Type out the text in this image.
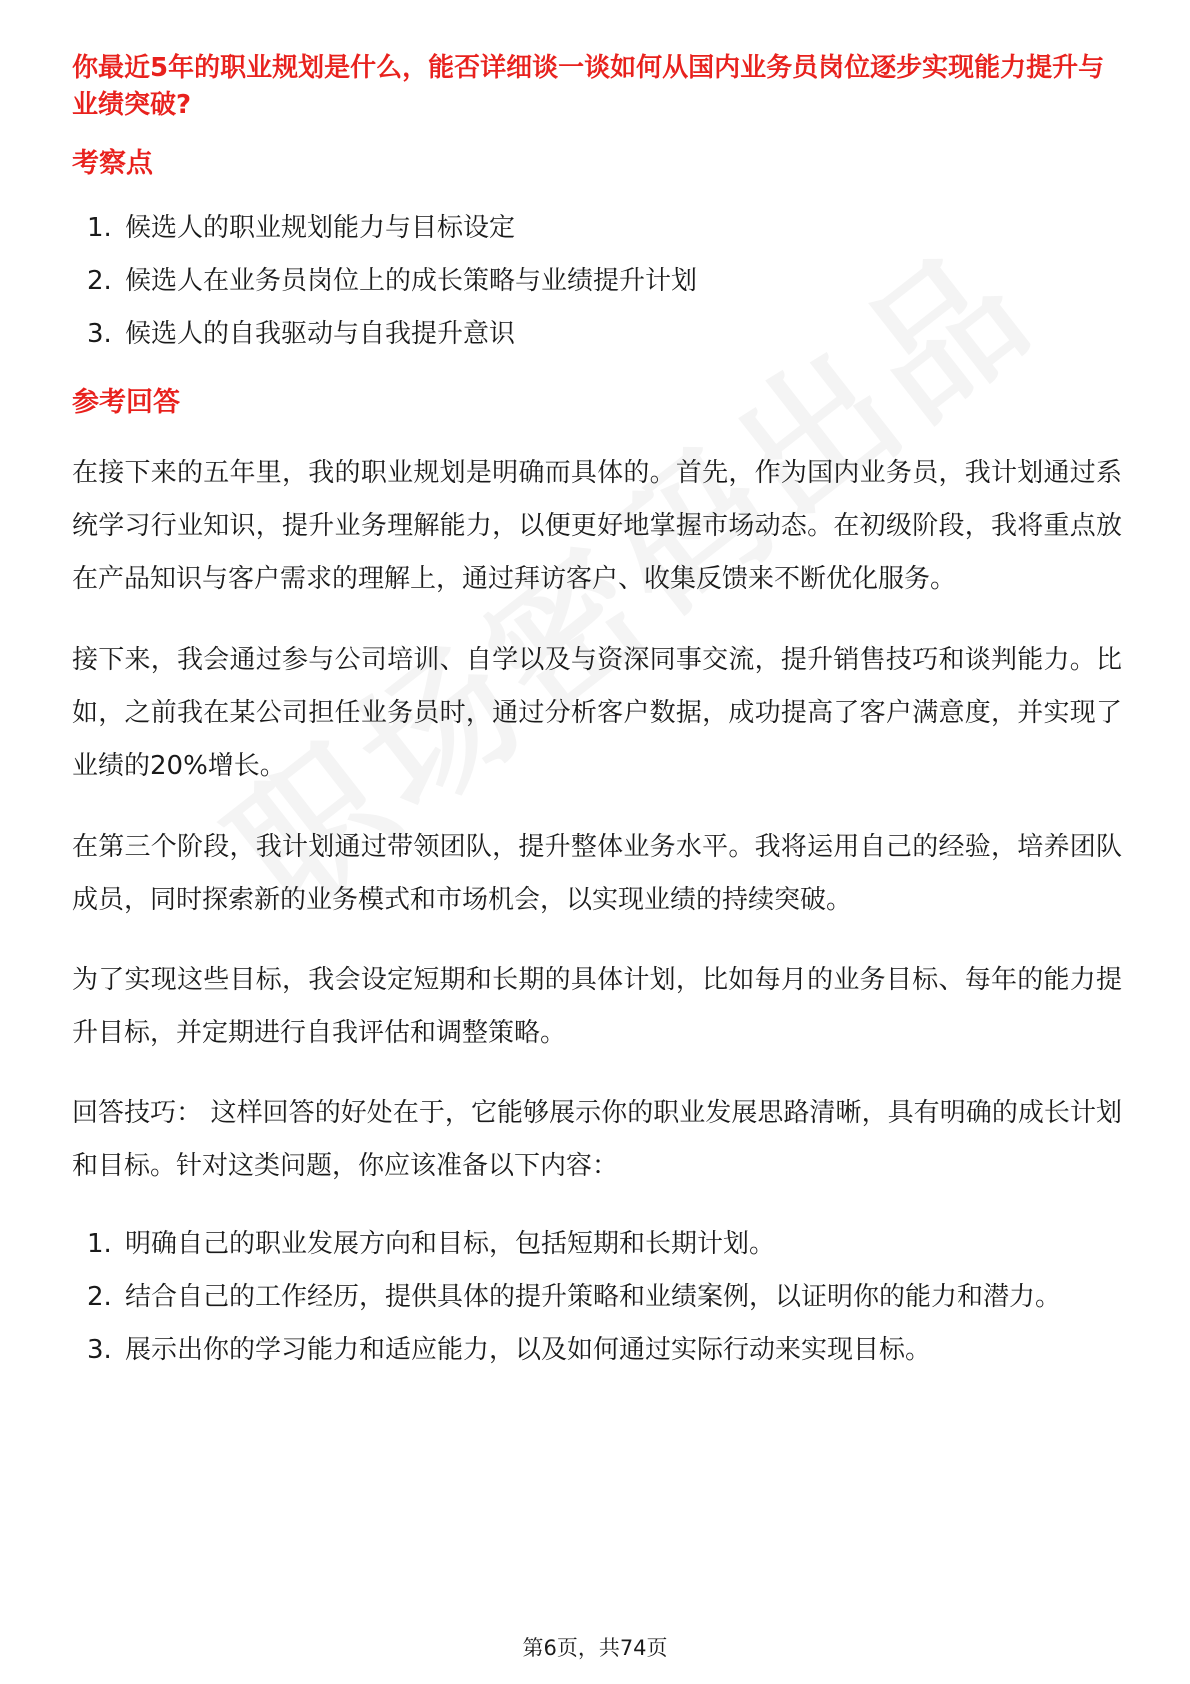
你最近5年的职业规划是什么，能否详细谈一谈如何从国内业务员岗位逐步实现能力提升与业绩突破?

考察点
1. 候选人的职业规划能力与目标设定
2. 候选人在业务员岗位上的成长策略与业绩提升计划
3. 候选人的自我驱动与自我提升意识
参考回答

在接下来的五年里，我的职业规划是明确而具体的。首先，作为国内业务员，我计划通过系统学习行业知识，提升业务理解能力，以便更好地掌握市场动态。在初级阶段，我将重点放在产品知识与客户需求的理解上，通过拜访客户、收集反馈来不断优化服务。

接下来，我会通过参与公司培训、自学以及与资深同事交流，提升销售技巧和谈判能力。比如，之前我在某公司担任业务员时，通过分析客户数据，成功提高了客户满意度，并实现了业绩的20%增长。

在第三个阶段，我计划通过带领团队，提升整体业务水平。我将运用自己的经验，培养团队成员，同时探索新的业务模式和市场机会，以实现业绩的持续突破。

为了实现这些目标，我会设定短期和长期的具体计划，比如每月的业务目标、每年的能力提升目标，并定期进行自我评估和调整策略。

回答技巧： 这样回答的好处在于，它能够展示你的职业发展思路清晰，具有明确的成长计划和目标。针对这类问题，你应该准备以下内容：

1. 明确自己的职业发展方向和目标，包括短期和长期计划。
2. 结合自己的工作经历，提供具体的提升策略和业绩案例，以证明你的能力和潜力。
3. 展示出你的学习能力和适应能力，以及如何通过实际行动来实现目标。
第6页，共74页
